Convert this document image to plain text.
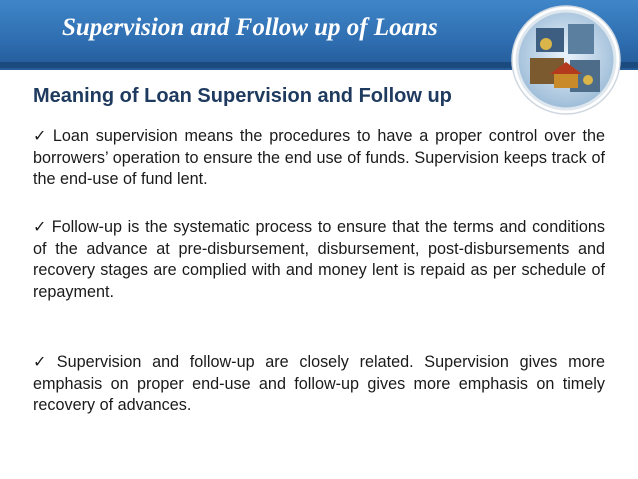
Supervision and Follow up of Loans
Meaning of Loan Supervision and Follow up

✓ Loan supervision means the procedures to have a proper control over the borrowers’ operation to ensure the end use of funds. Supervision keeps track of the end-use of fund lent.

✓ Follow-up is the systematic process to ensure that the terms and conditions of the advance at pre-disbursement, disbursement, post-disbursements and recovery stages are complied with and money lent is repaid as per schedule of repayment.

✓ Supervision and follow-up are closely related. Supervision gives more emphasis on proper end-use and follow-up gives more emphasis on timely recovery of advances.
